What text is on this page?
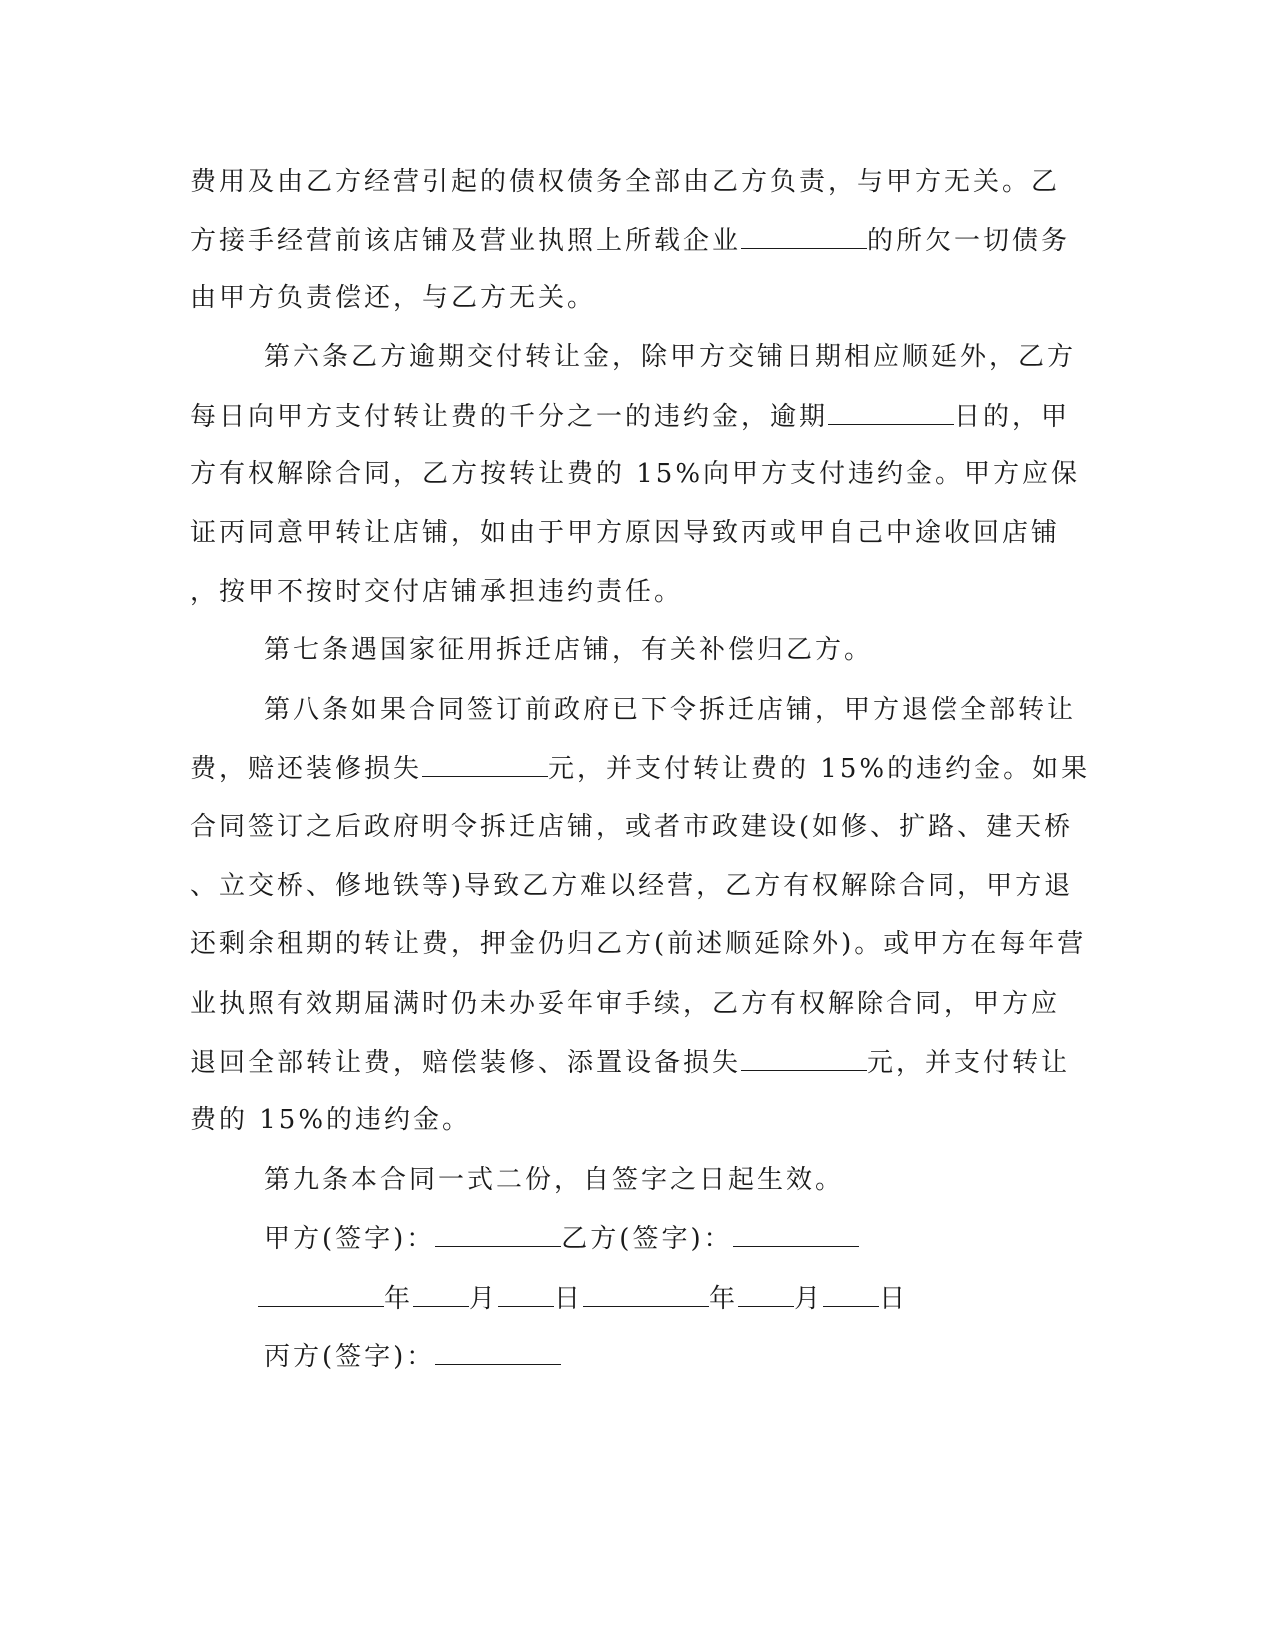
费用及由乙方经营引起的债权债务全部由乙方负责，与甲方无关。乙
方接手经营前该店铺及营业执照上所载企业	的所欠一切债务
由甲方负责偿还，与乙方无关。
第六条乙方逾期交付转让金，除甲方交铺日期相应顺延外，乙方
每日向甲方支付转让费的千分之一的违约金，逾期	日的，甲
方有权解除合同，乙方按转让费的 15%向甲方支付违约金。甲方应保
证丙同意甲转让店铺，如由于甲方原因导致丙或甲自己中途收回店铺
，按甲不按时交付店铺承担违约责任。
第七条遇国家征用拆迁店铺，有关补偿归乙方。
第八条如果合同签订前政府已下令拆迁店铺，甲方退偿全部转让
费，赔还装修损失	元，并支付转让费的 15%的违约金。如果
合同签订之后政府明令拆迁店铺，或者市政建设(如修、扩路、建天桥
、立交桥、修地铁等)导致乙方难以经营，乙方有权解除合同，甲方退
还剩余租期的转让费，押金仍归乙方(前述顺延除外)。或甲方在每年营
业执照有效期届满时仍未办妥年审手续，乙方有权解除合同，甲方应
退回全部转让费，赔偿装修、添置设备损失	元，并支付转让
费的 15%的违约金。
第九条本合同一式二份，自签字之日起生效。
甲方(签字)：	乙方(签字)：
年 月 日	年 月 日
丙方(签字)：
